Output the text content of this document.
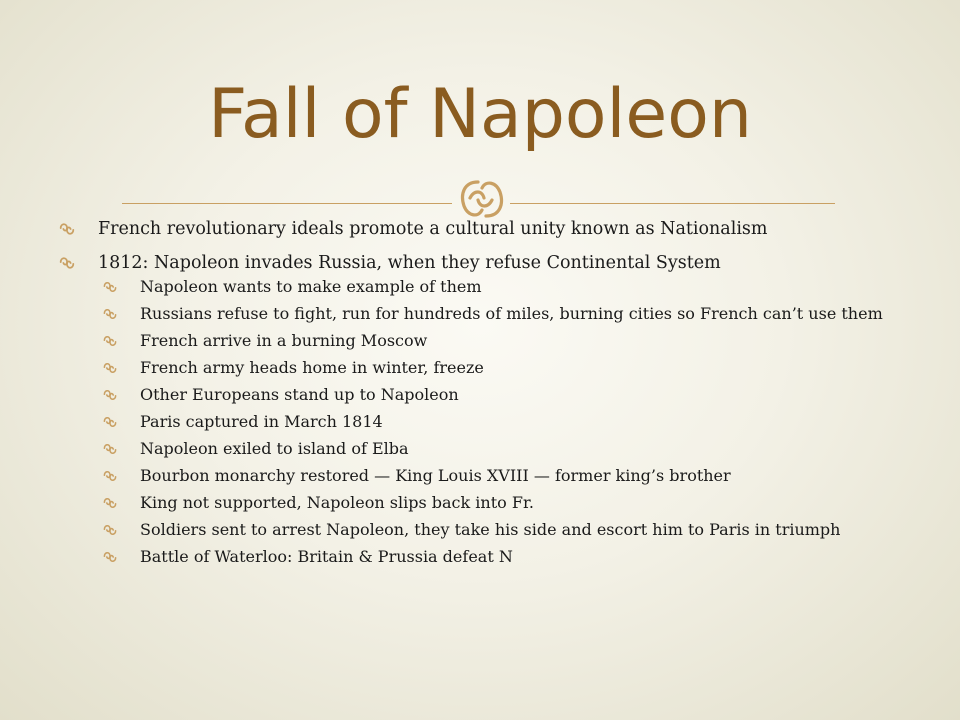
Fall of Napoleon
French revolutionary ideals promote a cultural unity known as Nationalism
1812: Napoleon invades Russia, when they refuse Continental System
Napoleon wants to make example of them
Russians refuse to fight, run for hundreds of miles, burning cities so French can’t use them
French arrive in a burning Moscow
French army heads home in winter, freeze
Other Europeans stand up to Napoleon
Paris captured in March 1814
Napoleon exiled to island of Elba
Bourbon monarchy restored — King Louis XVIII — former king’s brother
King not supported, Napoleon slips back into Fr.
Soldiers sent to arrest Napoleon, they take his side and escort him to Paris in triumph
Battle of Waterloo: Britain & Prussia defeat N
